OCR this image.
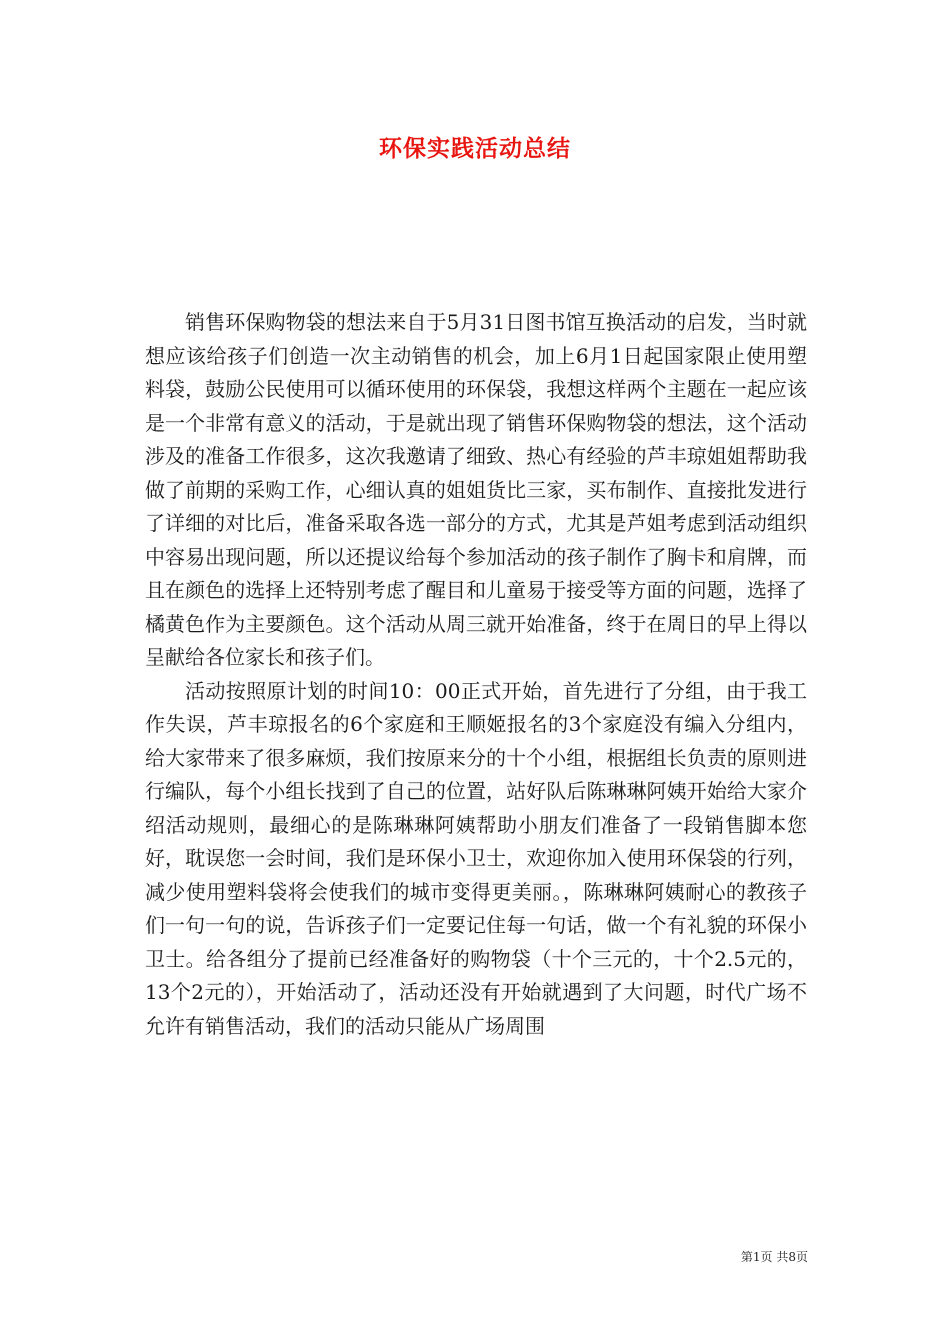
环保实践活动总结

销售环保购物袋的想法来自于5月31日图书馆互换活动的启发，当时就想应该给孩子们创造一次主动销售的机会，加上6月1日起国家限止使用塑料袋，鼓励公民使用可以循环使用的环保袋，我想这样两个主题在一起应该是一个非常有意义的活动，于是就出现了销售环保购物袋的想法，这个活动涉及的准备工作很多，这次我邀请了细致、热心有经验的芦丰琼姐姐帮助我做了前期的采购工作，心细认真的姐姐货比三家，买布制作、直接批发进行了详细的对比后，准备采取各选一部分的方式，尤其是芦姐考虑到活动组织中容易出现问题，所以还提议给每个参加活动的孩子制作了胸卡和肩牌，而且在颜色的选择上还特别考虑了醒目和儿童易于接受等方面的问题，选择了橘黄色作为主要颜色。这个活动从周三就开始准备，终于在周日的早上得以呈献给各位家长和孩子们。

活动按照原计划的时间10：00正式开始，首先进行了分组，由于我工作失误，芦丰琼报名的6个家庭和王顺姬报名的3个家庭没有编入分组内，给大家带来了很多麻烦，我们按原来分的十个小组，根据组长负责的原则进行编队，每个小组长找到了自己的位置，站好队后陈琳琳阿姨开始给大家介绍活动规则，最细心的是陈琳琳阿姨帮助小朋友们准备了一段销售脚本您好，耽误您一会时间，我们是环保小卫士，欢迎你加入使用环保袋的行列，减少使用塑料袋将会使我们的城市变得更美丽。，陈琳琳阿姨耐心的教孩子们一句一句的说，告诉孩子们一定要记住每一句话，做一个有礼貌的环保小卫士。给各组分了提前已经准备好的购物袋（十个三元的，十个2.5元的，13个2元的），开始活动了，活动还没有开始就遇到了大问题，时代广场不允许有销售活动，我们的活动只能从广场周围

第1页 共8页
